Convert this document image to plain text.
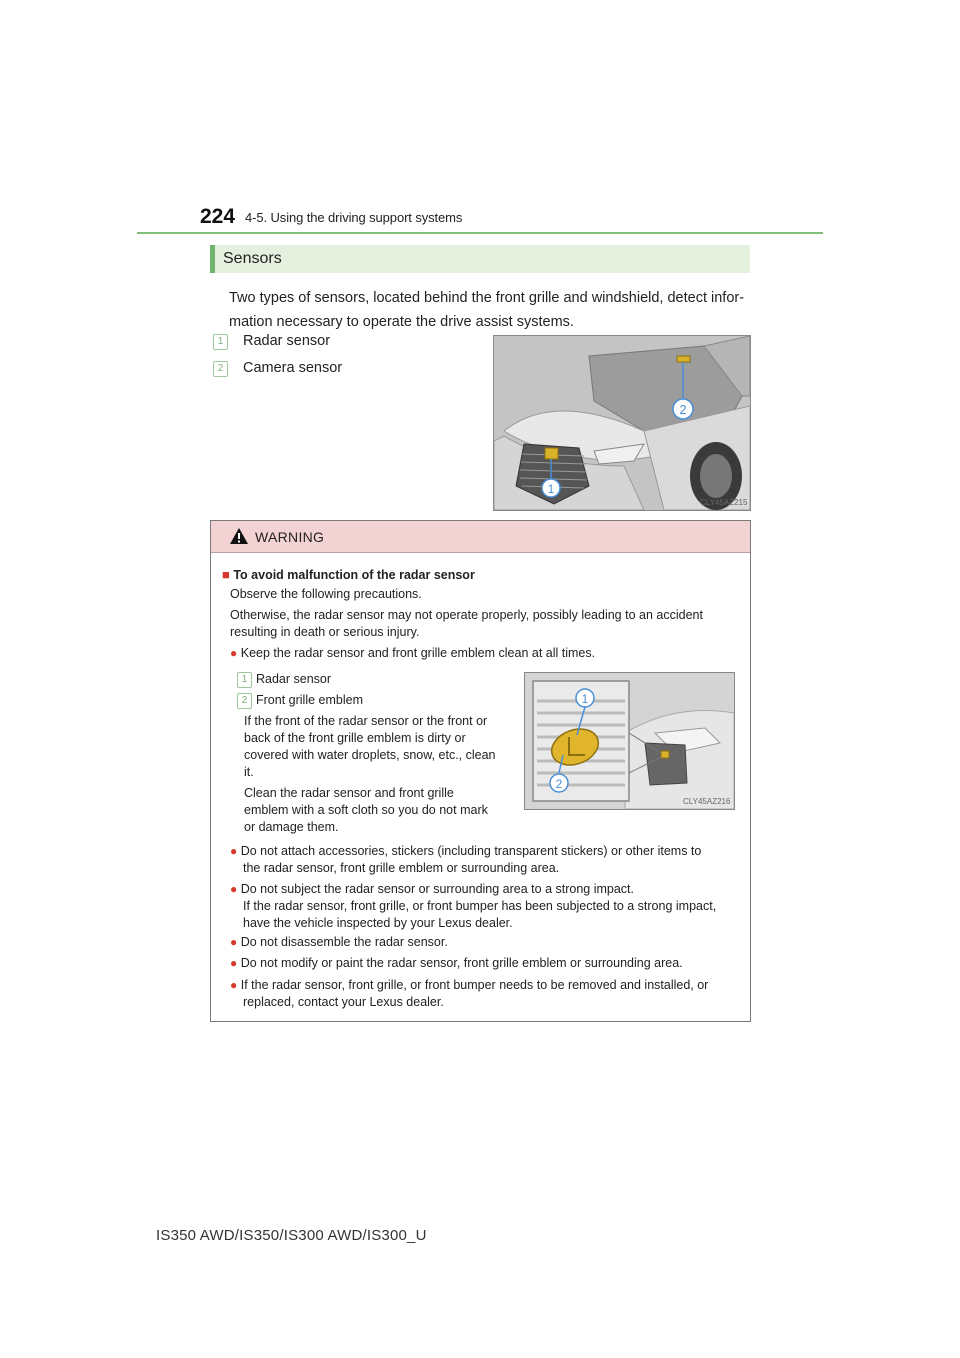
224 4-5. Using the driving support systems
Sensors
Two types of sensors, located behind the front grille and windshield, detect infor-
mation necessary to operate the drive assist systems.
1	Radar sensor
2	Camera sensor
2
1
CLY45AZ215
WARNING
■ To avoid malfunction of the radar sensor
Observe the following precautions.
Otherwise, the radar sensor may not operate properly, possibly leading to an accident
resulting in death or serious injury.
● Keep the radar sensor and front grille emblem clean at all times.
1 Radar sensor
2 Front grille emblem
If the front of the radar sensor or the front or
back of the front grille emblem is dirty or
covered with water droplets, snow, etc., clean
it.
Clean the radar sensor and front grille
emblem with a soft cloth so you do not mark
or damage them.
1
2
CLY45AZ216
● Do not attach accessories, stickers (including transparent stickers) or other items to
the radar sensor, front grille emblem or surrounding area.
● Do not subject the radar sensor or surrounding area to a strong impact.
If the radar sensor, front grille, or front bumper has been subjected to a strong impact,
have the vehicle inspected by your Lexus dealer.
● Do not disassemble the radar sensor.
● Do not modify or paint the radar sensor, front grille emblem or surrounding area.
● If the radar sensor, front grille, or front bumper needs to be removed and installed, or
replaced, contact your Lexus dealer.
IS350 AWD/IS350/IS300 AWD/IS300_U
